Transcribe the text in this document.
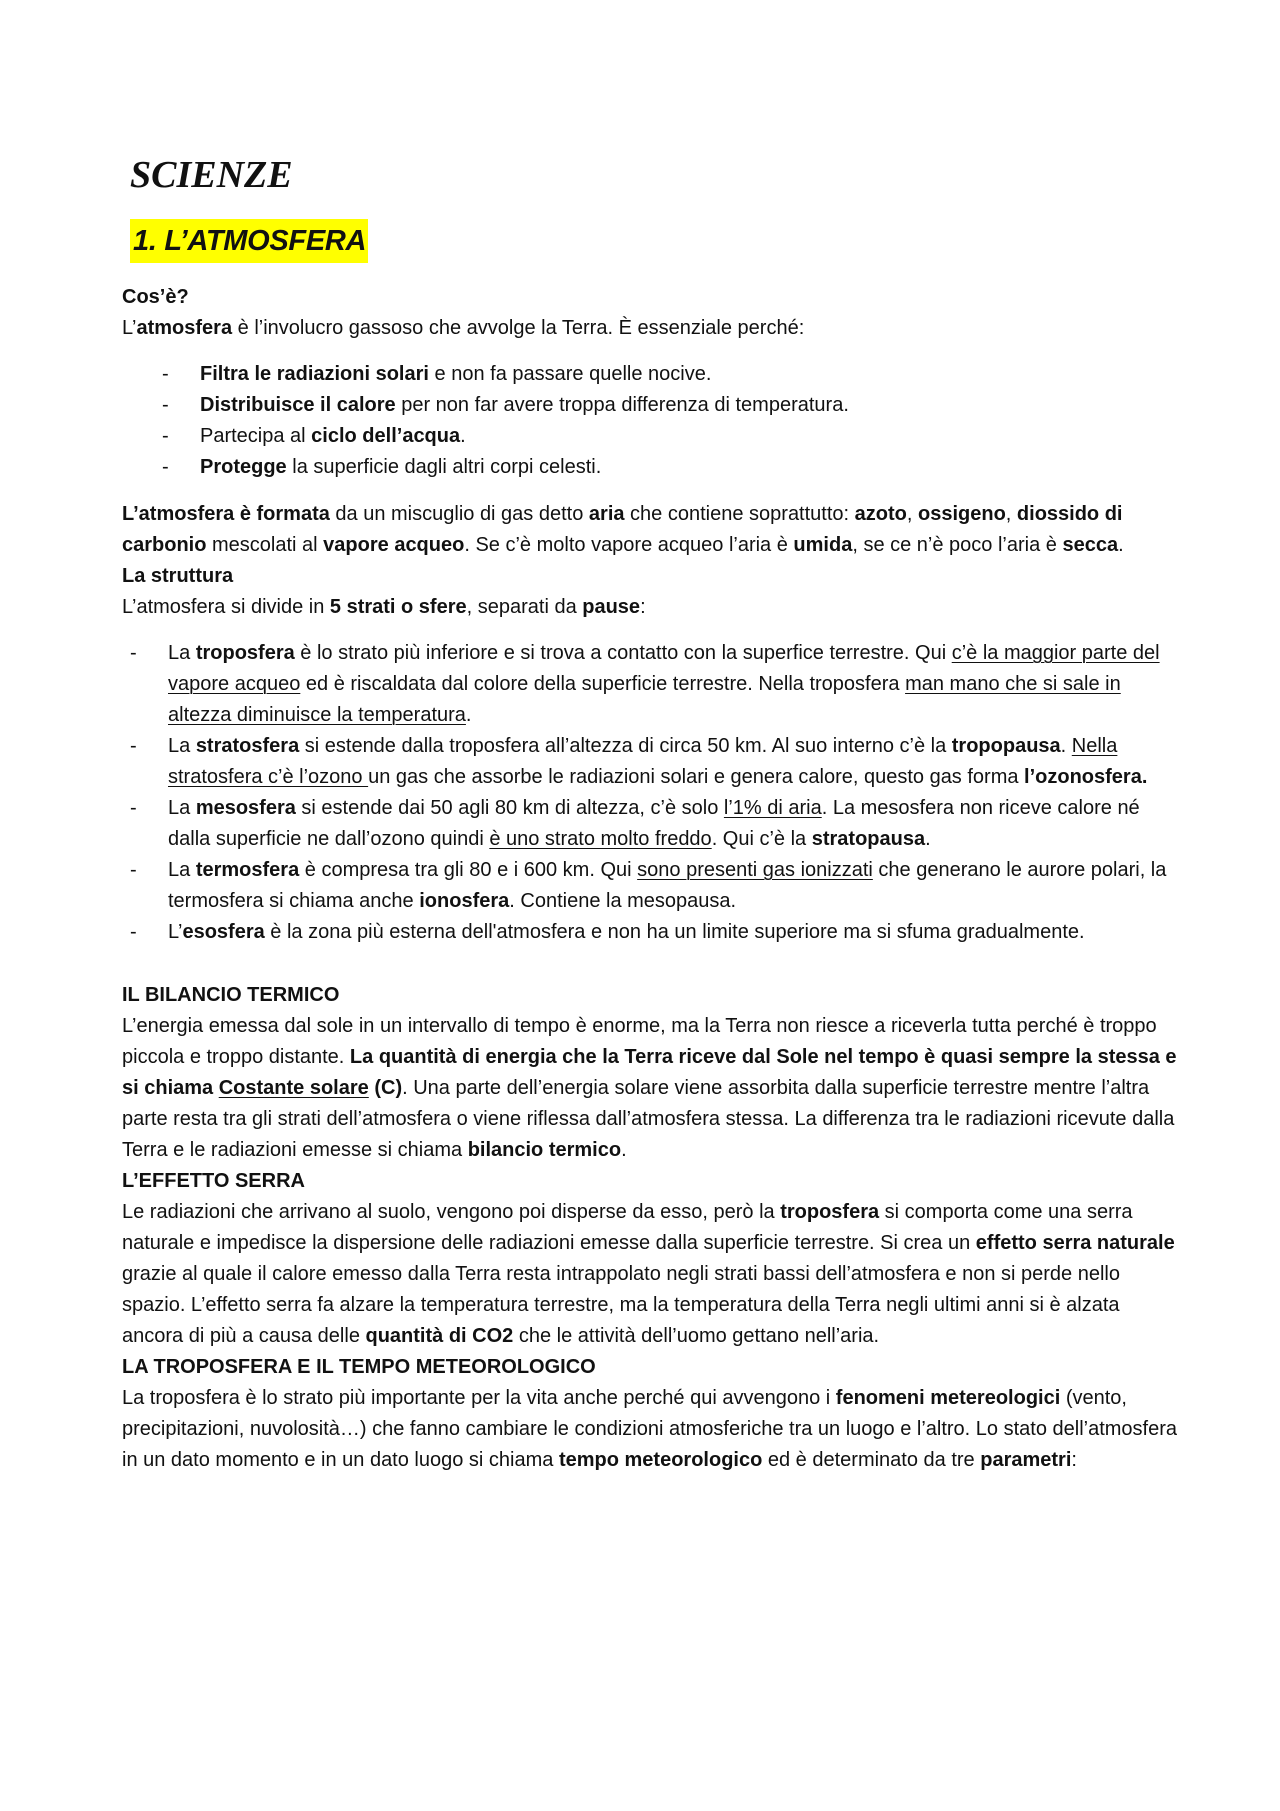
SCIENZE
1. L’ATMOSFERA

Cos’è?

L’atmosfera è l’involucro gassoso che avvolge la Terra. È essenziale perché:

- Filtra le radiazioni solari e non fa passare quelle nocive.
- Distribuisce il calore per non far avere troppa differenza di temperatura.
- Partecipa al ciclo dell’acqua.
- Protegge la superficie dagli altri corpi celesti.

L’atmosfera è formata da un miscuglio di gas detto aria che contiene soprattutto: azoto, ossigeno, diossido di carbonio mescolati al vapore acqueo. Se c’è molto vapore acqueo l’aria è umida, se ce n’è poco l’aria è secca.

La struttura

L’atmosfera si divide in 5 strati o sfere, separati da pause:

- La troposfera è lo strato più inferiore e si trova a contatto con la superfice terrestre. Qui c’è la maggior parte del vapore acqueo ed è riscaldata dal colore della superficie terrestre. Nella troposfera man mano che si sale in altezza diminuisce la temperatura.
- La stratosfera si estende dalla troposfera all’altezza di circa 50 km. Al suo interno c’è la tropopausa. Nella stratosfera c’è l’ozono un gas che assorbe le radiazioni solari e genera calore, questo gas forma l’ozonosfera.
- La mesosfera si estende dai 50 agli 80 km di altezza, c’è solo l’1% di aria. La mesosfera non riceve calore né dalla superficie ne dall’ozono quindi è uno strato molto freddo. Qui c’è la stratopausa.
- La termosfera è compresa tra gli 80 e i 600 km. Qui sono presenti gas ionizzati che generano le aurore polari, la termosfera si chiama anche ionosfera. Contiene la mesopausa.
- L’esosfera è la zona più esterna dell'atmosfera e non ha un limite superiore ma si sfuma gradualmente.

IL BILANCIO TERMICO

L’energia emessa dal sole in un intervallo di tempo è enorme, ma la Terra non riesce a riceverla tutta perché è troppo piccola e troppo distante. La quantità di energia che la Terra riceve dal Sole nel tempo è quasi sempre la stessa e si chiama Costante solare (C). Una parte dell’energia solare viene assorbita dalla superficie terrestre mentre l’altra parte resta tra gli strati dell’atmosfera o viene riflessa dall’atmosfera stessa. La differenza tra le radiazioni ricevute dalla Terra e le radiazioni emesse si chiama bilancio termico.

L’EFFETTO SERRA

Le radiazioni che arrivano al suolo, vengono poi disperse da esso, però la troposfera si comporta come una serra naturale e impedisce la dispersione delle radiazioni emesse dalla superficie terrestre. Si crea un effetto serra naturale grazie al quale il calore emesso dalla Terra resta intrappolato negli strati bassi dell’atmosfera e non si perde nello spazio. L’effetto serra fa alzare la temperatura terrestre, ma la temperatura della Terra negli ultimi anni si è alzata ancora di più a causa delle quantità di CO2 che le attività dell’uomo gettano nell’aria.

LA TROPOSFERA E IL TEMPO METEOROLOGICO

La troposfera è lo strato più importante per la vita anche perché qui avvengono i fenomeni metereologici (vento, precipitazioni, nuvolosità…) che fanno cambiare le condizioni atmosferiche tra un luogo e l’altro. Lo stato dell’atmosfera in un dato momento e in un dato luogo si chiama tempo meteorologico ed è determinato da tre parametri:
